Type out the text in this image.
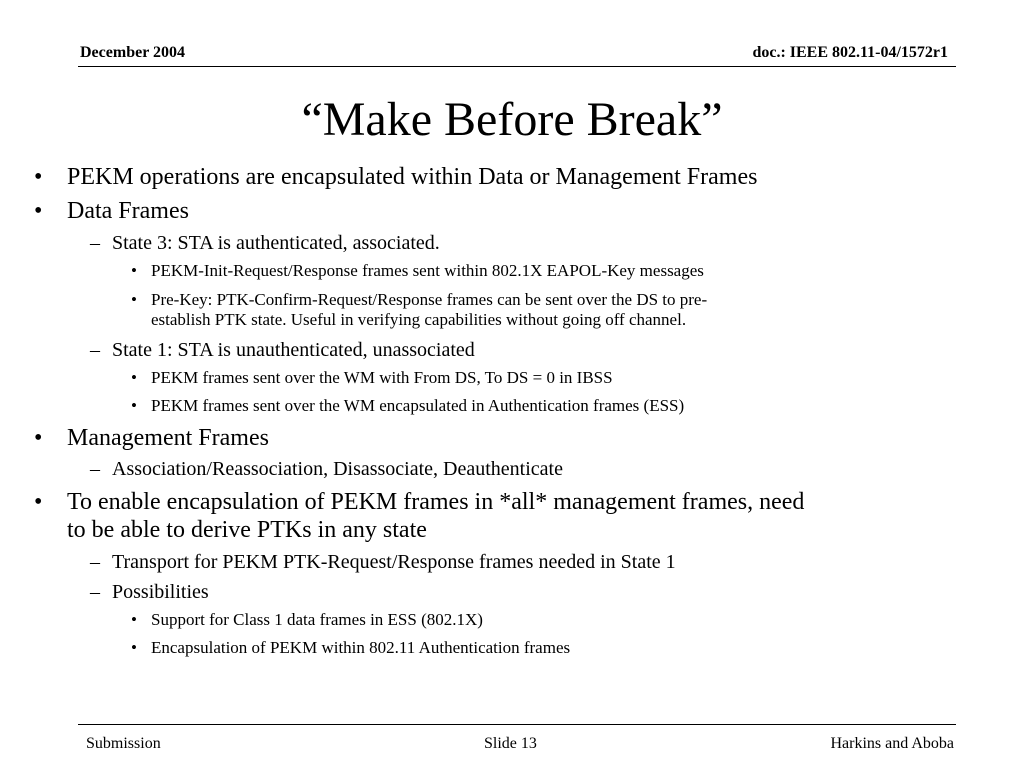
December 2004	doc.: IEEE 802.11-04/1572r1
“Make Before Break”
• PEKM operations are encapsulated within Data or Management Frames
• Data Frames
– State 3: STA is authenticated, associated.
• PEKM-Init-Request/Response frames sent within 802.1X EAPOL-Key messages
• Pre-Key: PTK-Confirm-Request/Response frames can be sent over the DS to pre-
establish PTK state. Useful in verifying capabilities without going off channel.
– State 1: STA is unauthenticated, unassociated
• PEKM frames sent over the WM with From DS, To DS = 0 in IBSS
• PEKM frames sent over the WM encapsulated in Authentication frames (ESS)
• Management Frames
– Association/Reassociation, Disassociate, Deauthenticate
• To enable encapsulation of PEKM frames in *all* management frames, need
to be able to derive PTKs in any state
– Transport for PEKM PTK-Request/Response frames needed in State 1
– Possibilities
• Support for Class 1 data frames in ESS (802.1X)
• Encapsulation of PEKM within 802.11 Authentication frames
Submission	Slide 13	Harkins and Aboba
